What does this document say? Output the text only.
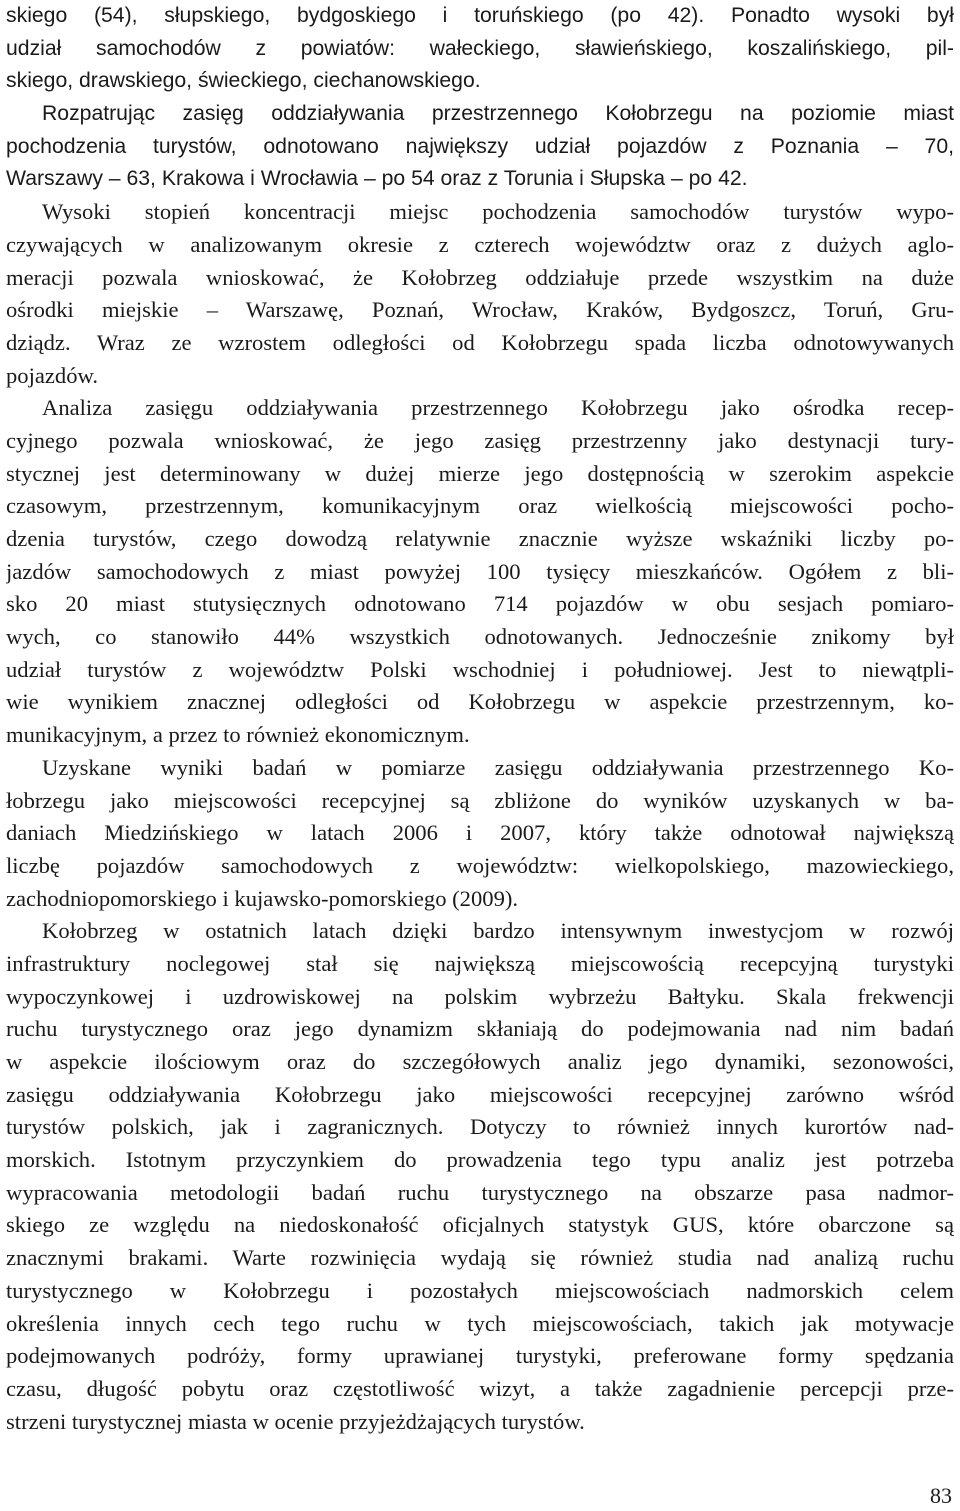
skiego (54), słupskiego, bydgoskiego i toruńskiego (po 42). Ponadto wysoki był
udział samochodów z powiatów: wałeckiego, sławieńskiego, koszalińskiego, pil-
skiego, drawskiego, świeckiego, ciechanowskiego.
Rozpatrując zasięg oddziaływania przestrzennego Kołobrzegu na poziomie miast
pochodzenia turystów, odnotowano największy udział pojazdów z Poznania – 70,
Warszawy – 63, Krakowa i Wrocławia – po 54 oraz z Torunia i Słupska – po 42.
Wysoki stopień koncentracji miejsc pochodzenia samochodów turystów wypo-
czywających w analizowanym okresie z czterech województw oraz z dużych aglo-
meracji pozwala wnioskować, że Kołobrzeg oddziałuje przede wszystkim na duże
ośrodki miejskie – Warszawę, Poznań, Wrocław, Kraków, Bydgoszcz, Toruń, Gru-
dziądz. Wraz ze wzrostem odległości od Kołobrzegu spada liczba odnotowywanych
pojazdów.
Analiza zasięgu oddziaływania przestrzennego Kołobrzegu jako ośrodka recep-
cyjnego pozwala wnioskować, że jego zasięg przestrzenny jako destynacji tury-
stycznej jest determinowany w dużej mierze jego dostępnością w szerokim aspekcie
czasowym, przestrzennym, komunikacyjnym oraz wielkością miejscowości pocho-
dzenia turystów, czego dowodzą relatywnie znacznie wyższe wskaźniki liczby po-
jazdów samochodowych z miast powyżej 100 tysięcy mieszkańców. Ogółem z bli-
sko 20 miast stutysięcznych odnotowano 714 pojazdów w obu sesjach pomiaro-
wych, co stanowiło 44% wszystkich odnotowanych. Jednocześnie znikomy był
udział turystów z województw Polski wschodniej i południowej. Jest to niewątpli-
wie wynikiem znacznej odległości od Kołobrzegu w aspekcie przestrzennym, ko-
munikacyjnym, a przez to również ekonomicznym.
Uzyskane wyniki badań w pomiarze zasięgu oddziaływania przestrzennego Ko-
łobrzegu jako miejscowości recepcyjnej są zbliżone do wyników uzyskanych w ba-
daniach Miedzińskiego w latach 2006 i 2007, który także odnotował największą
liczbę pojazdów samochodowych z województw: wielkopolskiego, mazowieckiego,
zachodniopomorskiego i kujawsko-pomorskiego (2009).
Kołobrzeg w ostatnich latach dzięki bardzo intensywnym inwestycjom w rozwój
infrastruktury noclegowej stał się największą miejscowością recepcyjną turystyki
wypoczynkowej i uzdrowiskowej na polskim wybrzeżu Bałtyku. Skala frekwencji
ruchu turystycznego oraz jego dynamizm skłaniają do podejmowania nad nim badań
w aspekcie ilościowym oraz do szczegółowych analiz jego dynamiki, sezonowości,
zasięgu oddziaływania Kołobrzegu jako miejscowości recepcyjnej zarówno wśród
turystów polskich, jak i zagranicznych. Dotyczy to również innych kurortów nad-
morskich. Istotnym przyczynkiem do prowadzenia tego typu analiz jest potrzeba
wypracowania metodologii badań ruchu turystycznego na obszarze pasa nadmor-
skiego ze względu na niedoskonałość oficjalnych statystyk GUS, które obarczone są
znacznymi brakami. Warte rozwinięcia wydają się również studia nad analizą ruchu
turystycznego w Kołobrzegu i pozostałych miejscowościach nadmorskich celem
określenia innych cech tego ruchu w tych miejscowościach, takich jak motywacje
podejmowanych podróży, formy uprawianej turystyki, preferowane formy spędzania
czasu, długość pobytu oraz częstotliwość wizyt, a także zagadnienie percepcji prze-
strzeni turystycznej miasta w ocenie przyjeżdżających turystów.
83
